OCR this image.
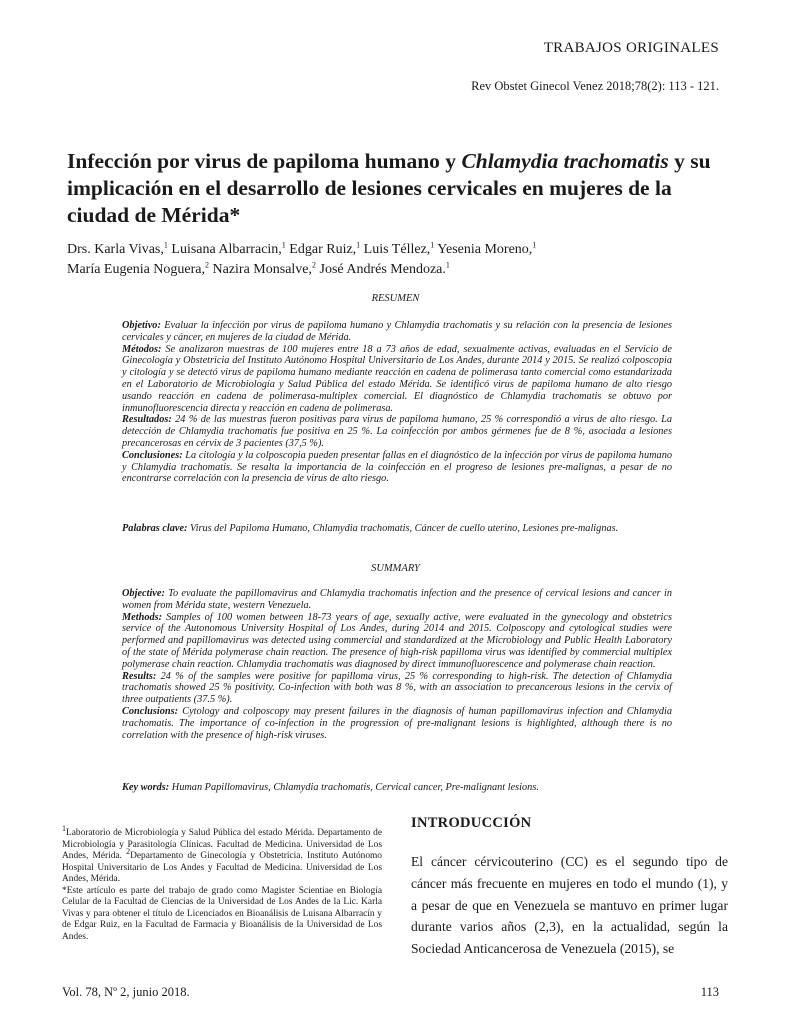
TRABAJOS ORIGINALES
Rev Obstet Ginecol Venez 2018;78(2): 113 - 121.
Infección por virus de papiloma humano y Chlamydia trachomatis y su implicación en el desarrollo de lesiones cervicales en mujeres de la ciudad de Mérida*
Drs. Karla Vivas,$^1$ Luisana Albarracin,$^1$ Edgar Ruiz,$^1$ Luis Téllez,$^1$ Yesenia Moreno,$^1$
María Eugenia Noguera,$^2$ Nazira Monsalve,$^2$ José Andrés Mendoza.$^1$
RESUMEN

Objetivo: Evaluar la infección por virus de papiloma humano y Chlamydia trachomatis y su relación con la presencia de lesiones cervicales y cáncer, en mujeres de la ciudad de Mérida.

Métodos: Se analizaron muestras de 100 mujeres entre 18 a 73 años de edad, sexualmente activas, evaluadas en el Servicio de Ginecología y Obstetricia del Instituto Autónomo Hospital Universitario de Los Andes, durante 2014 y 2015. Se realizó colposcopia y citología y se detectó virus de papiloma humano mediante reacción en cadena de polimerasa tanto comercial como estandarizada en el Laboratorio de Microbiología y Salud Pública del estado Mérida. Se identificó virus de papiloma humano de alto riesgo usando reacción en cadena de polimerasa-multiplex comercial. El diagnóstico de Chlamydia trachomatis se obtuvo por inmunofluorescencia directa y reacción en cadena de polimerasa.

Resultados: 24 % de las muestras fueron positivas para virus de papiloma humano, 25 % correspondió a virus de alto riesgo. La detección de Chlamydia trachomatis fue positiva en 25 %. La coinfección por ambos gérmenes fue de 8 %, asociada a lesiones precancerosas en cérvix de 3 pacientes (37,5 %).

Conclusiones: La citología y la colposcopia pueden presentar fallas en el diagnóstico de la infección por virus de papiloma humano y Chlamydia trachomatis. Se resalta la importancia de la coinfección en el progreso de lesiones pre-malignas, a pesar de no encontrarse correlación con la presencia de virus de alto riesgo.

Palabras clave: Virus del Papiloma Humano, Chlamydia trachomatis, Cáncer de cuello uterino, Lesiones pre-malignas.
SUMMARY

Objective: To evaluate the papillomavirus and Chlamydia trachomatis infection and the presence of cervical lesions and cancer in women from Mérida state, western Venezuela.

Methods: Samples of 100 women between 18-73 years of age, sexually active, were evaluated in the gynecology and obstetrics service of the Autonomous University Hospital of Los Andes, during 2014 and 2015. Colposcopy and cytological studies were performed and papillomavirus was detected using commercial and standardized at the Microbiology and Public Health Laboratory of the state of Mérida polymerase chain reaction. The presence of high-risk papilloma virus was identified by commercial multiplex polymerase chain reaction. Chlamydia trachomatis was diagnosed by direct immunofluorescence and polymerase chain reaction.

Results: 24 % of the samples were positive for papilloma virus, 25 % corresponding to high-risk. The detection of Chlamydia trachomatis showed 25 % positivity. Co-infection with both was 8 %, with an association to precancerous lesions in the cervix of three outpatients (37.5 %).

Conclusions: Cytology and colposcopy may present failures in the diagnosis of human papillomavirus infection and Chlamydia trachomatis. The importance of co-infection in the progression of pre-malignant lesions is highlighted, although there is no correlation with the presence of high-risk viruses.

Key words: Human Papillomavirus, Chlamydia trachomatis, Cervical cancer, Pre-malignant lesions.

$^1$Laboratorio de Microbiología y Salud Pública del estado Mérida. Departamento de Microbiología y Parasitología Clínicas. Facultad de Medicina. Universidad de Los Andes, Mérida. $^2$Departamento de Ginecología y Obstetricia. Instituto Autónomo Hospital Universitario de Los Andes y Facultad de Medicina. Universidad de Los Andes, Mérida.

*Este artículo es parte del trabajo de grado como Magister Scientiae en Biología Celular de la Facultad de Ciencias de la Universidad de Los Andes de la Lic. Karla Vivas y para obtener el título de Licenciados en Bioanálisis de Luisana Albarracín y de Edgar Ruiz, en la Facultad de Farmacia y Bioanálisis de la Universidad de Los Andes.

INTRODUCCIÓN
El cáncer cérvicouterino (CC) es el segundo tipo de cáncer más frecuente en mujeres en todo el mundo (1), y a pesar de que en Venezuela se mantuvo en primer lugar durante varios años (2,3), en la actualidad, según la Sociedad Anticancerosa de Venezuela (2015), se
Vol. 78, Nº 2, junio 2018.	113
